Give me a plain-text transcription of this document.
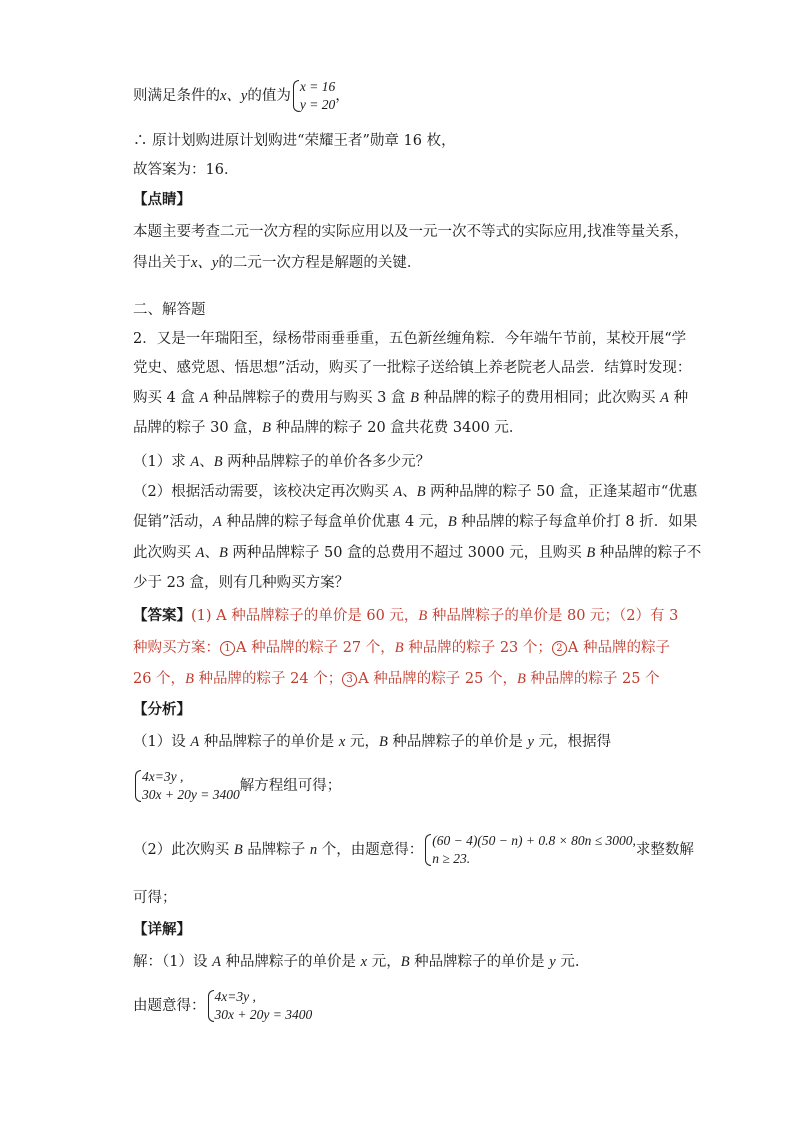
则满足条件的x、y的值为
x = 16
y = 20
，
∴ 原计划购进原计划购进“荣耀王者”勋章 16 枚，
故答案为：16．
【点睛】
本题主要考查二元一次方程的实际应用以及一元一次不等式的实际应用,找准等量关系，
得出关于x、y的二元一次方程是解题的关键．
二、解答题
2．又是一年瑞阳至，绿杨带雨垂垂重，五色新丝缠角粽．今年端午节前，某校开展“学
党史、感党恩、悟思想”活动，购买了一批粽子送给镇上养老院老人品尝．结算时发现：
购买 4 盒 A 种品牌粽子的费用与购买 3 盒 B 种品牌的粽子的费用相同；此次购买 A 种
品牌的粽子 30 盒，B 种品牌的粽子 20 盒共花费 3400 元．
（1）求 A、B 两种品牌粽子的单价各多少元？
（2）根据活动需要，该校决定再次购买 A、B 两种品牌的粽子 50 盒，正逢某超市“优惠
促销”活动，A 种品牌的粽子每盒单价优惠 4 元，B 种品牌的粽子每盒单价打 8 折．如果
此次购买 A、B 两种品牌粽子 50 盒的总费用不超过 3000 元，且购买 B 种品牌的粽子不
少于 23 盒，则有几种购买方案？
【答案】(1) A 种品牌粽子的单价是 60 元，B 种品牌粽子的单价是 80 元；（2）有 3
种购买方案： 1 A 种品牌的粽子 27 个，B 种品牌的粽子 23 个； 2 A 种品牌的粽子
26 个，B 种品牌的粽子 24 个； 3 A 种品牌的粽子 25 个，B 种品牌的粽子 25 个
【分析】
（1）设 A 种品牌粽子的单价是 x 元，B 种品牌粽子的单价是 y 元，根据得
4x=3y ,
30x + 20y = 3400
解方程组可得；
（2）此次购买 B 品牌粽子 n 个，由题意得：
(60 − 4)(50 − n) + 0.8 × 80n ≤ 3000,
n ≥ 23.
求整数解
可得；
【详解】
解：（1）设 A 种品牌粽子的单价是 x 元，B 种品牌粽子的单价是 y 元.
由题意得：
4x=3y ,
30x + 20y = 3400
